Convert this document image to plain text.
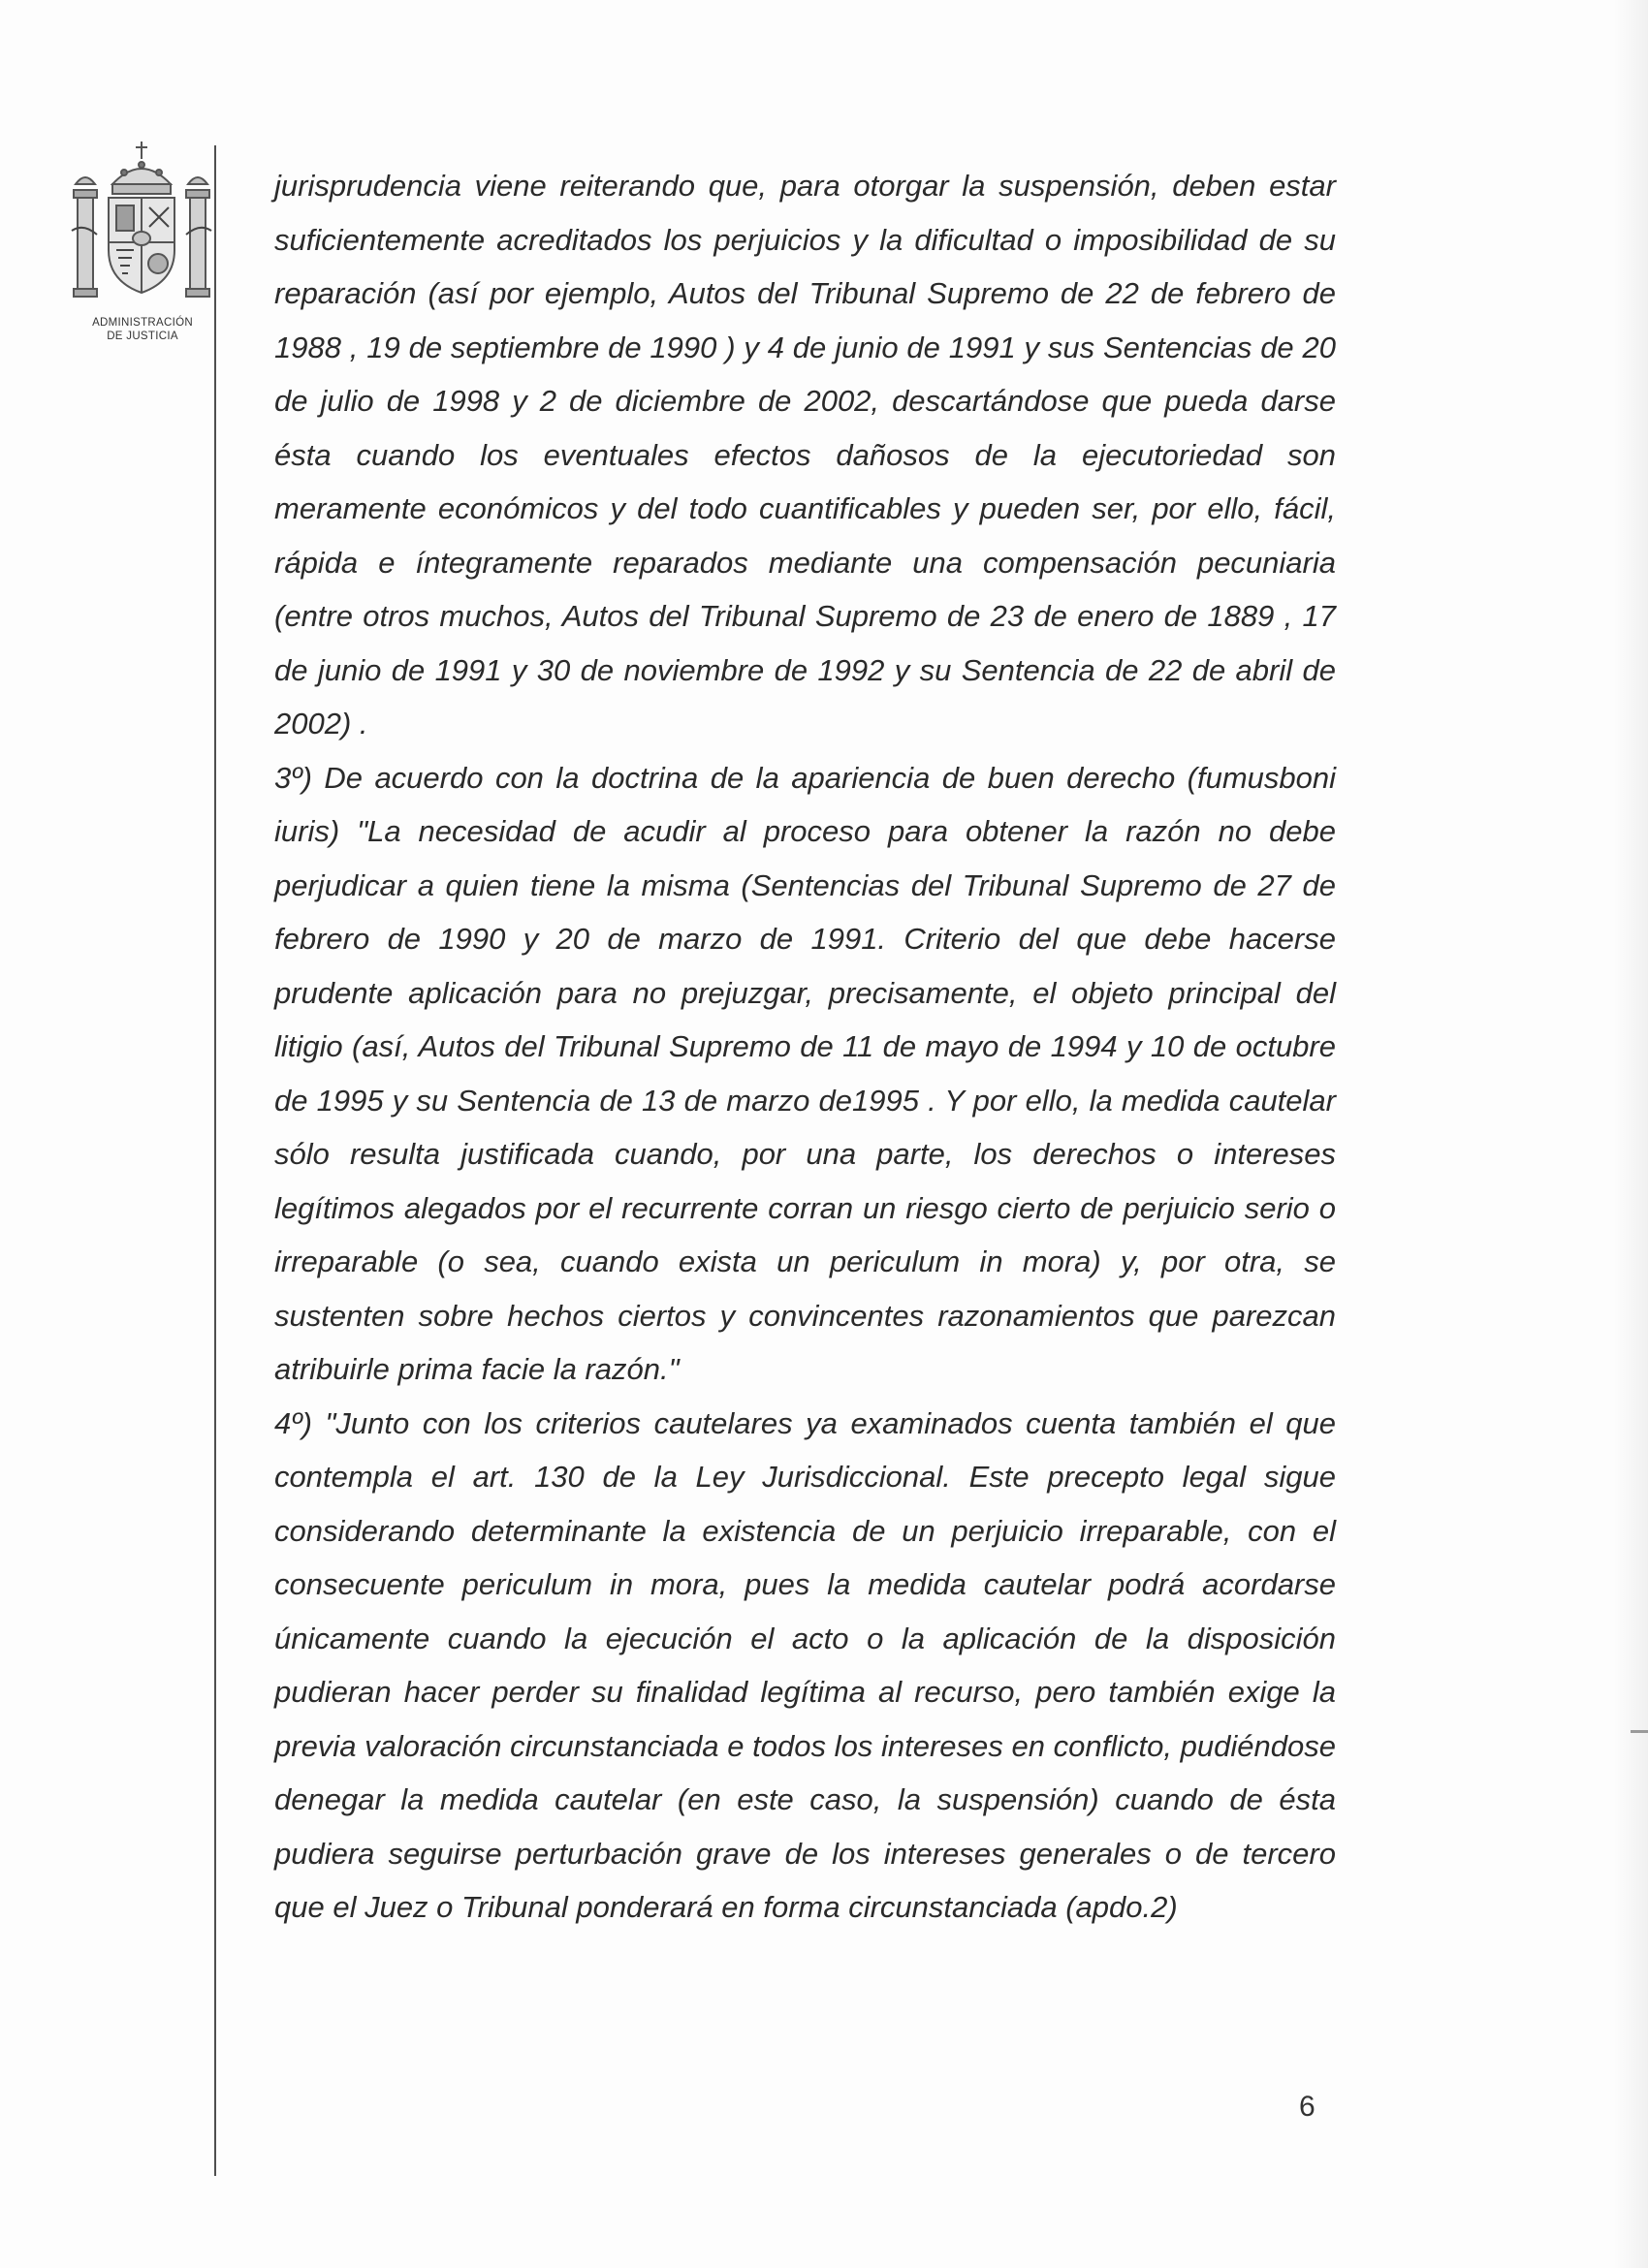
ADMINISTRACIÓN
DE JUSTICIA

jurisprudencia viene reiterando que, para otorgar la suspensión, deben estar suficientemente acreditados los perjuicios y la dificultad o imposibilidad de su reparación (así por ejemplo, Autos del Tribunal Supremo de 22 de febrero de 1988 , 19 de septiembre de 1990 ) y 4 de junio de 1991 y sus Sentencias de 20 de julio de 1998 y 2 de diciembre de 2002, descartándose que pueda darse ésta cuando los eventuales efectos dañosos de la ejecutoriedad son meramente económicos y del todo cuantificables y pueden ser, por ello, fácil, rápida e íntegramente reparados mediante una compensación pecuniaria (entre otros muchos, Autos del Tribunal Supremo de 23 de enero de 1889 , 17 de junio de 1991 y 30 de noviembre de 1992 y su Sentencia de 22 de abril de 2002) .

3º) De acuerdo con la doctrina de la apariencia de buen derecho (fumusboni iuris) "La necesidad de acudir al proceso para obtener la razón no debe perjudicar a quien tiene la misma (Sentencias del Tribunal Supremo de 27 de febrero de 1990 y 20 de marzo de 1991. Criterio del que debe hacerse prudente aplicación para no prejuzgar, precisamente, el objeto principal del litigio (así, Autos del Tribunal Supremo de 11 de mayo de 1994 y 10 de octubre de 1995 y su Sentencia de 13 de marzo de1995 . Y por ello, la medida cautelar sólo resulta justificada cuando, por una parte, los derechos o intereses legítimos alegados por el recurrente corran un riesgo cierto de perjuicio serio o irreparable (o sea, cuando exista un periculum in mora) y, por otra, se sustenten sobre hechos ciertos y convincentes razonamientos que parezcan atribuirle prima facie la razón."

4º) "Junto con los criterios cautelares ya examinados cuenta también el que contempla el art. 130 de la Ley Jurisdiccional. Este precepto legal sigue considerando determinante la existencia de un perjuicio irreparable, con el consecuente periculum in mora, pues la medida cautelar podrá acordarse únicamente cuando la ejecución el acto o la aplicación de la disposición pudieran hacer perder su finalidad legítima al recurso, pero también exige la previa valoración circunstanciada e todos los intereses en conflicto, pudiéndose denegar la medida cautelar (en este caso, la suspensión) cuando de ésta pudiera seguirse perturbación grave de los intereses generales o de tercero que el Juez o Tribunal ponderará en forma circunstanciada (apdo.2)

6
